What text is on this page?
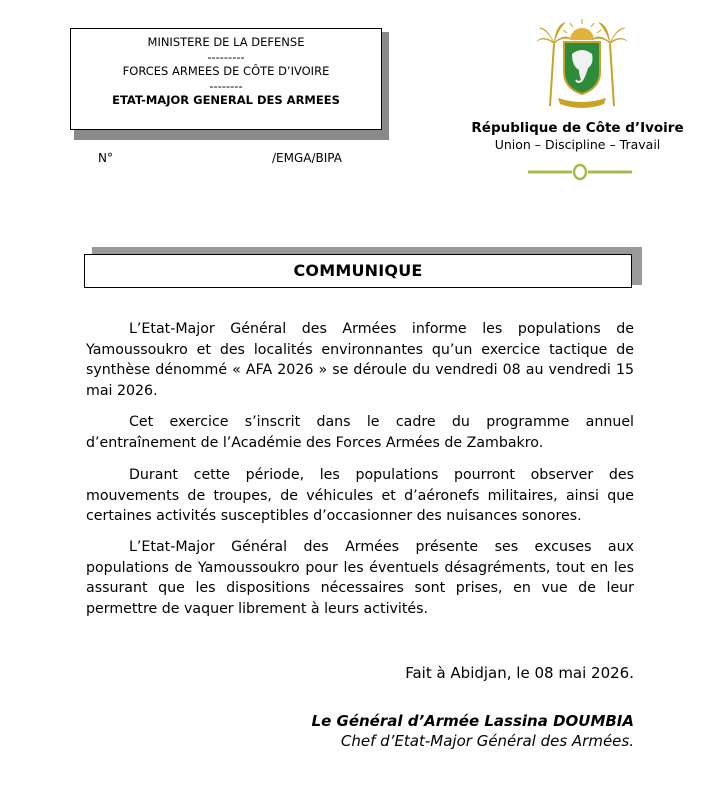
MINISTERE DE LA DEFENSE
---------
FORCES ARMEES DE CÔTE D’IVOIRE
--------
ETAT-MAJOR GENERAL DES ARMEES
N°	/EMGA/BIPA
République de Côte d’Ivoire
Union – Discipline – Travail
COMMUNIQUE

L’Etat-Major Général des Armées informe les populations de Yamoussoukro et des localités environnantes qu’un exercice tactique de synthèse dénommé « AFA 2026 » se déroule du vendredi 08 au vendredi 15 mai 2026.

Cet exercice s’inscrit dans le cadre du programme annuel d’entraînement de l’Académie des Forces Armées de Zambakro.

Durant cette période, les populations pourront observer des mouvements de troupes, de véhicules et d’aéronefs militaires, ainsi que certaines activités susceptibles d’occasionner des nuisances sonores.

L’Etat-Major Général des Armées présente ses excuses aux populations de Yamoussoukro pour les éventuels désagréments, tout en les assurant que les dispositions nécessaires sont prises, en vue de leur permettre de vaquer librement à leurs activités.

Fait à Abidjan, le 08 mai 2026.
Le Général d’Armée Lassina DOUMBIA
Chef d’Etat-Major Général des Armées.
